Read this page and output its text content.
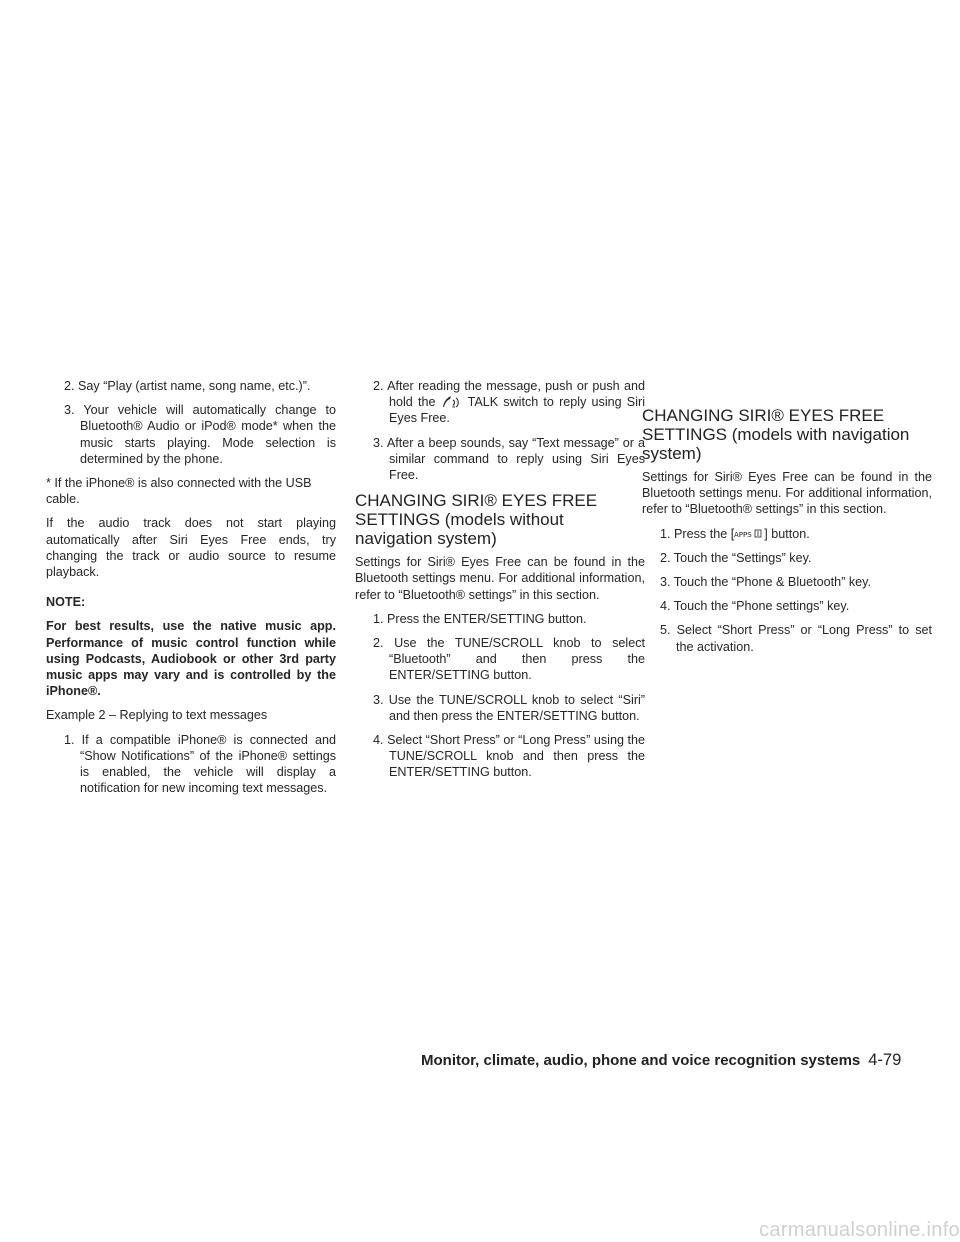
2. Say “Play (artist name, song name, etc.)”.
3. Your vehicle will automatically change to Bluetooth® Audio or iPod® mode* when the music starts playing. Mode selection is determined by the phone.

* If the iPhone® is also connected with the USB cable.

If the audio track does not start playing automatically after Siri Eyes Free ends, try changing the track or audio source to resume playback.

NOTE:

For best results, use the native music app. Performance of music control function while using Podcasts, Audiobook or other 3rd party music apps may vary and is controlled by the iPhone®.

Example 2 – Replying to text messages

1. If a compatible iPhone® is connected and “Show Notifications” of the iPhone® settings is enabled, the vehicle will display a notification for new incoming text messages.
2. After reading the message, push or push and hold the	w TALK switch to reply using Siri Eyes Free.
3. After a beep sounds, say “Text message” or a similar command to reply using Siri Eyes Free.
CHANGING SIRI® EYES FREE SETTINGS (models without navigation system)

Settings for Siri® Eyes Free can be found in the Bluetooth settings menu. For additional information, refer to “Bluetooth® settings” in this section.

1. Press the ENTER/SETTING button.
2. Use the TUNE/SCROLL knob to select “Bluetooth” and then press the ENTER/SETTING button.
3. Use the TUNE/SCROLL knob to select “Siri” and then press the ENTER/SETTING button.
4. Select “Short Press” or “Long Press” using the TUNE/SCROLL knob and then press the ENTER/SETTING button.
CHANGING SIRI® EYES FREE SETTINGS (models with navigation system)

Settings for Siri® Eyes Free can be found in the Bluetooth settings menu. For additional information, refer to “Bluetooth® settings” in this section.

1. Press the [ APPS ] button.
2. Touch the “Settings” key.
3. Touch the “Phone & Bluetooth” key.
4. Touch the “Phone settings” key.
5. Select “Short Press” or “Long Press” to set the activation.
Monitor, climate, audio, phone and voice recognition systems 4-79
carmanualsonline.info
